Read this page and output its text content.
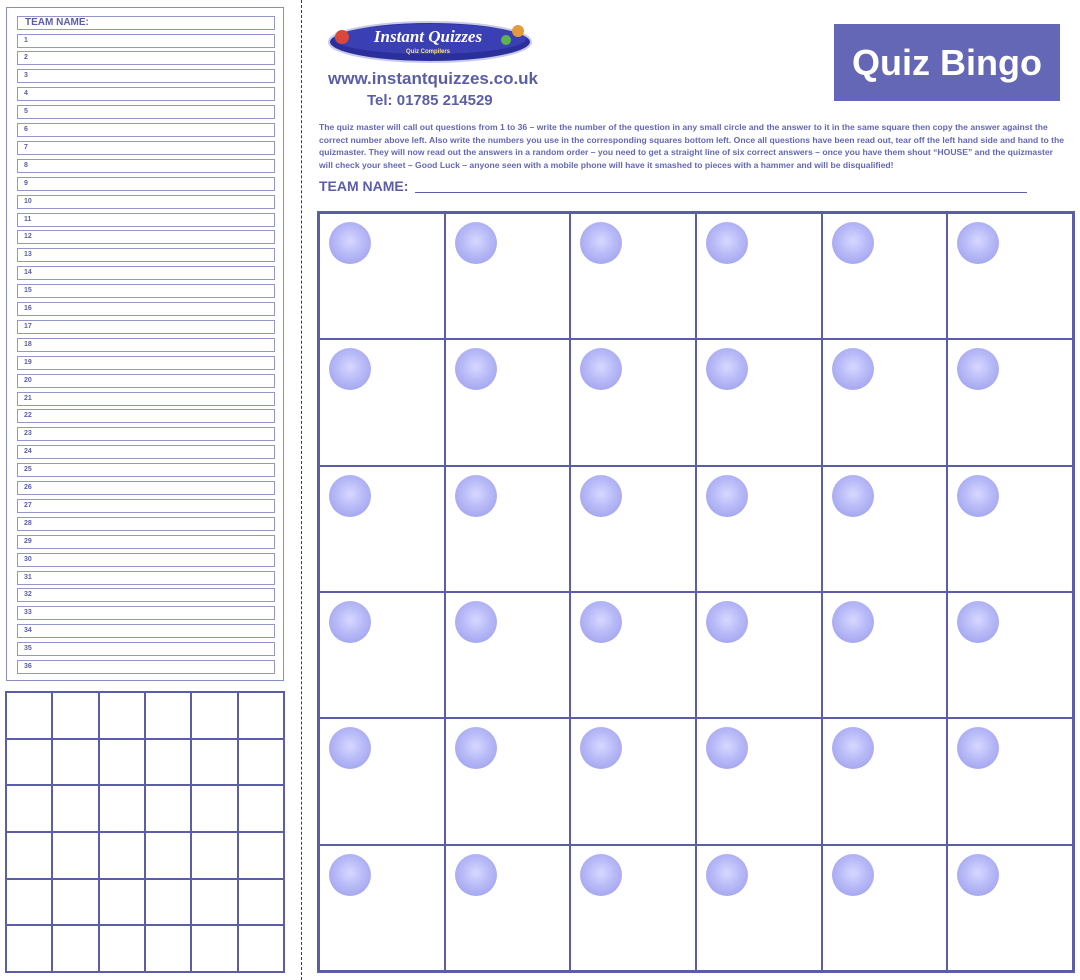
TEAM NAME:
1
2
3
4
5
6
7
8
9
10
11
12
13
14
15
16
17
18
19
20
21
22
23
24
25
26
27
28
29
30
31
32
33
34
35
36
Instant Quizzes
Quiz Compilers
www.instantquizzes.co.uk
Tel: 01785 214529
Quiz Bingo
The quiz master will call out questions from 1 to 36 – write the number of the question in any small circle and the answer to it in the same square then copy the answer against the correct number above left. Also write the numbers you use in the corresponding squares bottom left. Once all questions have been read out, tear off the left hand side and hand to the quizmaster. They will now read out the answers in a random order – you need to get a straight line of six correct answers – once you have them shout “HOUSE” and the quizmaster will check your sheet – Good Luck – anyone seen with a mobile phone will have it smashed to pieces with a hammer and will be disqualified!
TEAM NAME:
